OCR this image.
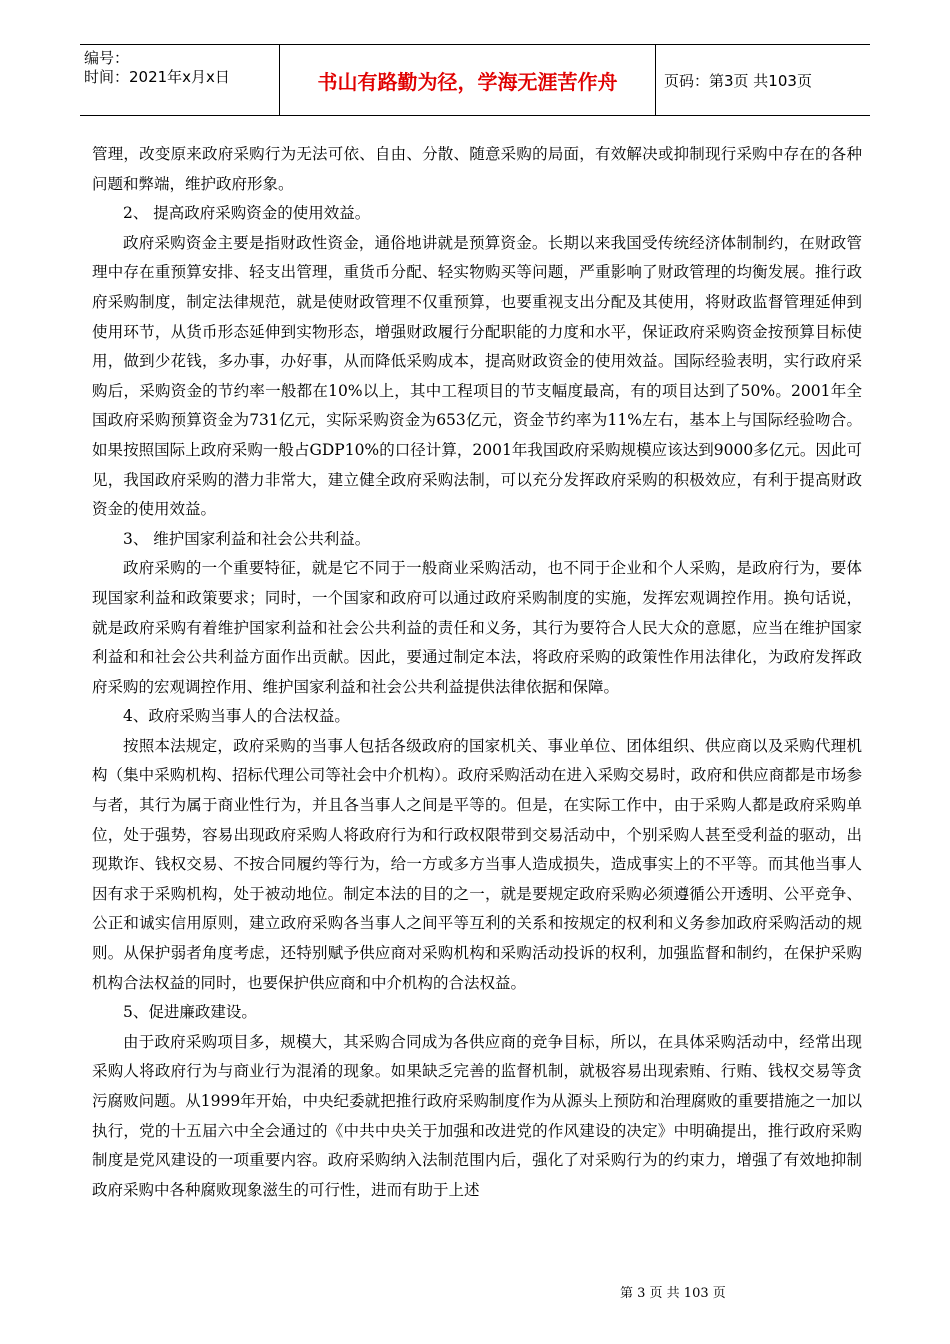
编号：
时间：2021年x月x日	书山有路勤为径，学海无涯苦作舟	页码：第3页 共103页

管理，改变原来政府采购行为无法可依、自由、分散、随意采购的局面，有效解决或抑制现行采购中存在的各种问题和弊端，维护政府形象。

2、 提高政府采购资金的使用效益。

政府采购资金主要是指财政性资金，通俗地讲就是预算资金。长期以来我国受传统经济体制制约，在财政管理中存在重预算安排、轻支出管理，重货币分配、轻实物购买等问题，严重影响了财政管理的均衡发展。推行政府采购制度，制定法律规范，就是使财政管理不仅重预算，也要重视支出分配及其使用，将财政监督管理延伸到使用环节，从货币形态延伸到实物形态，增强财政履行分配职能的力度和水平，保证政府采购资金按预算目标使用，做到少花钱，多办事，办好事，从而降低采购成本，提高财政资金的使用效益。国际经验表明，实行政府采购后，采购资金的节约率一般都在10%以上，其中工程项目的节支幅度最高，有的项目达到了50%。2001年全国政府采购预算资金为731亿元，实际采购资金为653亿元，资金节约率为11%左右，基本上与国际经验吻合。如果按照国际上政府采购一般占GDP10%的口径计算，2001年我国政府采购规模应该达到9000多亿元。因此可见，我国政府采购的潜力非常大，建立健全政府采购法制，可以充分发挥政府采购的积极效应，有利于提高财政资金的使用效益。

3、 维护国家利益和社会公共利益。

政府采购的一个重要特征，就是它不同于一般商业采购活动，也不同于企业和个人采购，是政府行为，要体现国家利益和政策要求；同时，一个国家和政府可以通过政府采购制度的实施，发挥宏观调控作用。换句话说，就是政府采购有着维护国家利益和社会公共利益的责任和义务，其行为要符合人民大众的意愿，应当在维护国家利益和和社会公共利益方面作出贡献。因此，要通过制定本法，将政府采购的政策性作用法律化，为政府发挥政府采购的宏观调控作用、维护国家利益和社会公共利益提供法律依据和保障。

4、政府采购当事人的合法权益。

按照本法规定，政府采购的当事人包括各级政府的国家机关、事业单位、团体组织、供应商以及采购代理机构（集中采购机构、招标代理公司等社会中介机构）。政府采购活动在进入采购交易时，政府和供应商都是市场参与者，其行为属于商业性行为，并且各当事人之间是平等的。但是，在实际工作中，由于采购人都是政府采购单位，处于强势，容易出现政府采购人将政府行为和行政权限带到交易活动中，个别采购人甚至受利益的驱动，出现欺诈、钱权交易、不按合同履约等行为，给一方或多方当事人造成损失，造成事实上的不平等。而其他当事人因有求于采购机构，处于被动地位。制定本法的目的之一，就是要规定政府采购必须遵循公开透明、公平竞争、公正和诚实信用原则，建立政府采购各当事人之间平等互利的关系和按规定的权利和义务参加政府采购活动的规则。从保护弱者角度考虑，还特别赋予供应商对采购机构和采购活动投诉的权利，加强监督和制约，在保护采购机构合法权益的同时，也要保护供应商和中介机构的合法权益。

5、促进廉政建设。

由于政府采购项目多，规模大，其采购合同成为各供应商的竞争目标，所以，在具体采购活动中，经常出现采购人将政府行为与商业行为混淆的现象。如果缺乏完善的监督机制，就极容易出现索贿、行贿、钱权交易等贪污腐败问题。从1999年开始，中央纪委就把推行政府采购制度作为从源头上预防和治理腐败的重要措施之一加以执行，党的十五届六中全会通过的《中共中央关于加强和改进党的作风建设的决定》中明确提出，推行政府采购制度是党风建设的一项重要内容。政府采购纳入法制范围内后，强化了对采购行为的约束力，增强了有效地抑制政府采购中各种腐败现象滋生的可行性，进而有助于上述

第 3 页 共 103 页
